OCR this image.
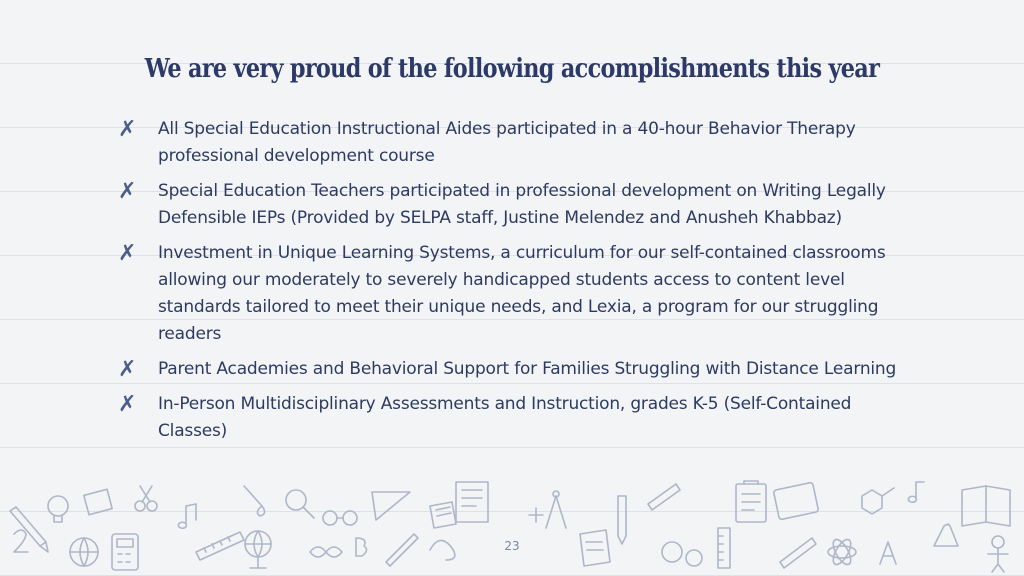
We are very proud of the following accomplishments this year
✗	All Special Education Instructional Aides participated in a 40-hour Behavior Therapy professional development course
✗	Special Education Teachers participated in professional development on Writing Legally Defensible IEPs (Provided by SELPA staff, Justine Melendez and Anusheh Khabbaz)
✗	Investment in Unique Learning Systems, a curriculum for our self-contained classrooms allowing our moderately to severely handicapped students access to content level standards tailored to meet their unique needs, and Lexia, a program for our struggling readers
✗	Parent Academies and Behavioral Support for Families Struggling with Distance Learning
✗	In-Person Multidisciplinary Assessments and Instruction, grades K-5 (Self-Contained Classes)
23
